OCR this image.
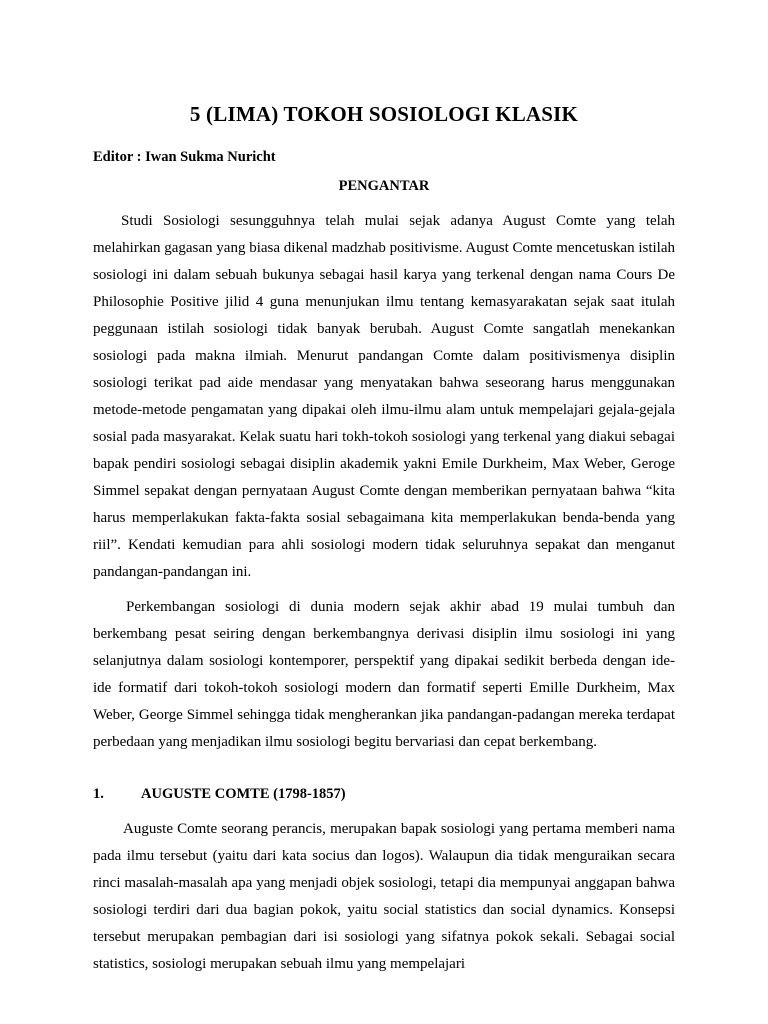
5 (LIMA) TOKOH SOSIOLOGI KLASIK
Editor : Iwan Sukma Nuricht
PENGANTAR

Studi Sosiologi sesungguhnya telah mulai sejak adanya August Comte yang telah melahirkan gagasan yang biasa dikenal madzhab positivisme. August Comte mencetuskan istilah sosiologi ini dalam sebuah bukunya sebagai hasil karya yang terkenal dengan nama Cours De Philosophie Positive jilid 4 guna menunjukan ilmu tentang kemasyarakatan sejak saat itulah peggunaan istilah sosiologi tidak banyak berubah. August Comte sangatlah menekankan sosiologi pada makna ilmiah. Menurut pandangan Comte dalam positivismenya disiplin sosiologi terikat pad aide mendasar yang menyatakan bahwa seseorang harus menggunakan metode-metode pengamatan yang dipakai oleh ilmu-ilmu alam untuk mempelajari gejala-gejala sosial pada masyarakat. Kelak suatu hari tokh-tokoh sosiologi yang terkenal yang diakui sebagai bapak pendiri sosiologi sebagai disiplin akademik yakni Emile Durkheim, Max Weber, Geroge Simmel sepakat dengan pernyataan August Comte dengan memberikan pernyataan bahwa “kita harus memperlakukan fakta-fakta sosial sebagaimana kita memperlakukan benda-benda yang riil”. Kendati kemudian para ahli sosiologi modern tidak seluruhnya sepakat dan menganut pandangan-pandangan ini.

Perkembangan sosiologi di dunia modern sejak akhir abad 19 mulai tumbuh dan berkembang pesat seiring dengan berkembangnya derivasi disiplin ilmu sosiologi ini yang selanjutnya dalam sosiologi kontemporer, perspektif yang dipakai sedikit berbeda dengan ide-ide formatif dari tokoh-tokoh sosiologi modern dan formatif seperti Emille Durkheim, Max Weber, George Simmel sehingga tidak mengherankan jika pandangan-padangan mereka terdapat perbedaan yang menjadikan ilmu sosiologi begitu bervariasi dan cepat berkembang.

1.	AUGUSTE COMTE (1798-1857)

Auguste Comte seorang perancis, merupakan bapak sosiologi yang pertama memberi nama pada ilmu tersebut (yaitu dari kata socius dan logos). Walaupun dia tidak menguraikan secara rinci masalah-masalah apa yang menjadi objek sosiologi, tetapi dia mempunyai anggapan bahwa sosiologi terdiri dari dua bagian pokok, yaitu social statistics dan social dynamics. Konsepsi tersebut merupakan pembagian dari isi sosiologi yang sifatnya pokok sekali. Sebagai social statistics, sosiologi merupakan sebuah ilmu yang mempelajari
